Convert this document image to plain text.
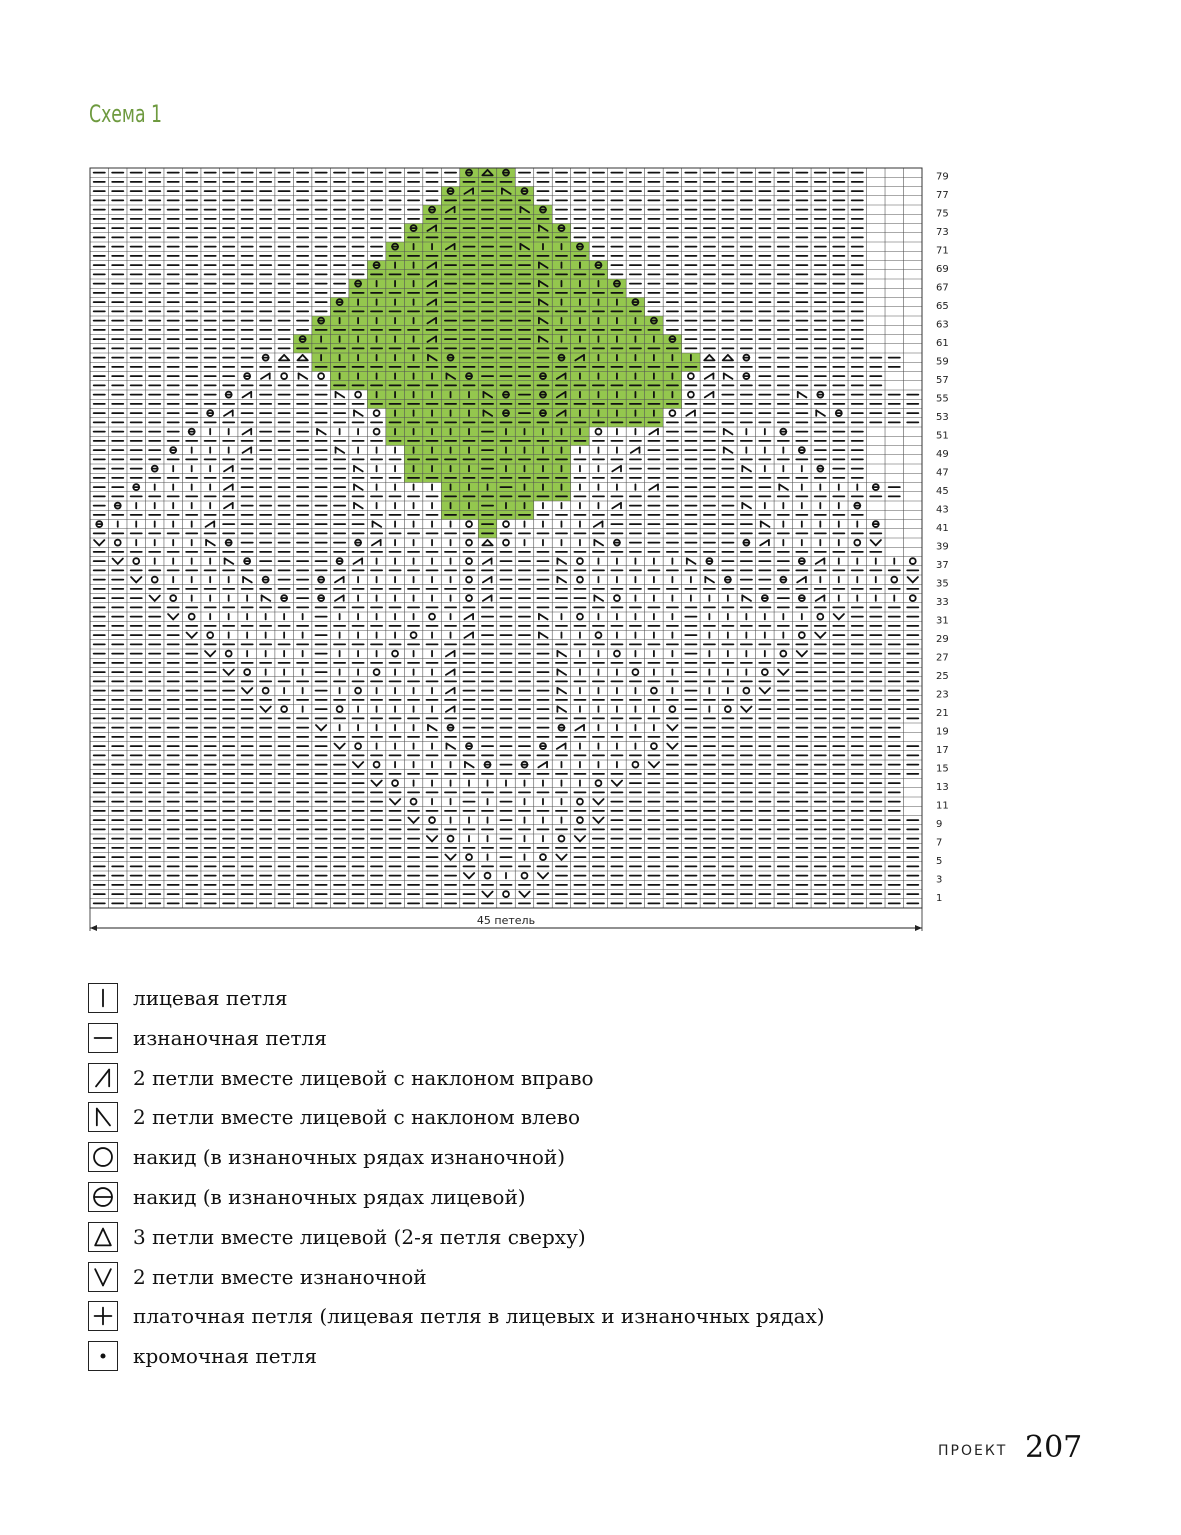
Схема 1
79
77
75
73
71
69
67
65
63
61
59
57
55
53
51
49
47
45
43
41
39
37
35
33
31
29
27
25
23
21
19
17
15
13
11
9
7
5
3
1
45 петель
лицевая петля
изнаночная петля
2 петли вместе лицевой с наклоном вправо
2 петли вместе лицевой с наклоном влево
накид (в изнаночных рядах изнаночной)
накид (в изнаночных рядах лицевой)
3 петли вместе лицевой (2-я петля сверху)
2 петли вместе изнаночной
платочная петля (лицевая петля в лицевых и изнаночных рядах)
кромочная петля
ПРОЕКТ 207
